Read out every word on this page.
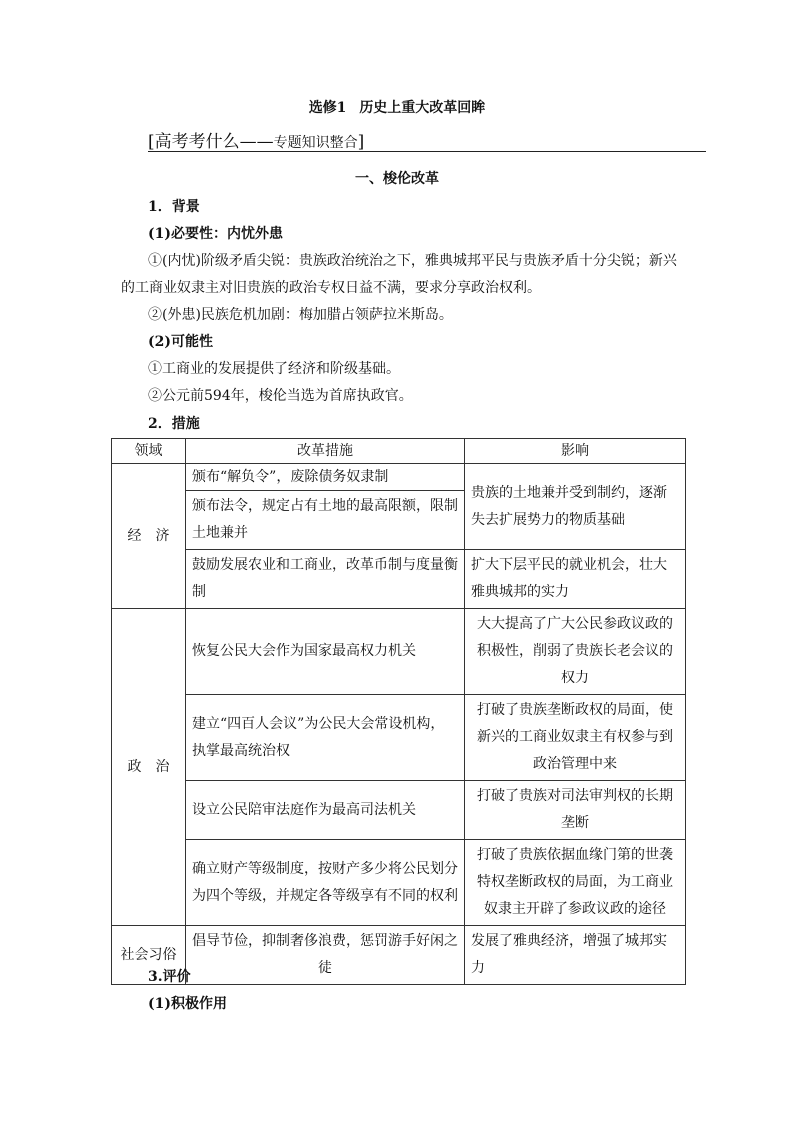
选修1 历史上重大改革回眸
[高考考什么——专题知识整合]
一、梭伦改革
1．背景
(1)必要性：内忧外患
①(内忧)阶级矛盾尖锐：贵族政治统治之下，雅典城邦平民与贵族矛盾十分尖锐；新兴
的工商业奴隶主对旧贵族的政治专权日益不满，要求分享政治权利。
②(外患)民族危机加剧：梅加腊占领萨拉米斯岛。
(2)可能性
①工商业的发展提供了经济和阶级基础。
②公元前594年，梭伦当选为首席执政官。
2．措施
领域	改革措施	影响
经　济	颁布“解负令”，废除债务奴隶制	贵族的土地兼并受到制约，逐渐失去扩展势力的物质基础
	颁布法令，规定占有土地的最高限额，限制土地兼并	
	鼓励发展农业和工商业，改革币制与度量衡制	扩大下层平民的就业机会，壮大雅典城邦的实力
政　治	恢复公民大会作为国家最高权力机关	大大提高了广大公民参政议政的积极性，削弱了贵族长老会议的权力
	建立“四百人会议”为公民大会常设机构，执掌最高统治权	打破了贵族垄断政权的局面，使新兴的工商业奴隶主有权参与到政治管理中来
	设立公民陪审法庭作为最高司法机关	打破了贵族对司法审判权的长期垄断
	确立财产等级制度，按财产多少将公民划分为四个等级，并规定各等级享有不同的权利	打破了贵族依据血缘门第的世袭特权垄断政权的局面，为工商业奴隶主开辟了参政议政的途径
社会习俗	倡导节俭，抑制奢侈浪费，惩罚游手好闲之徒	发展了雅典经济，增强了城邦实力
3.评价
(1)积极作用
